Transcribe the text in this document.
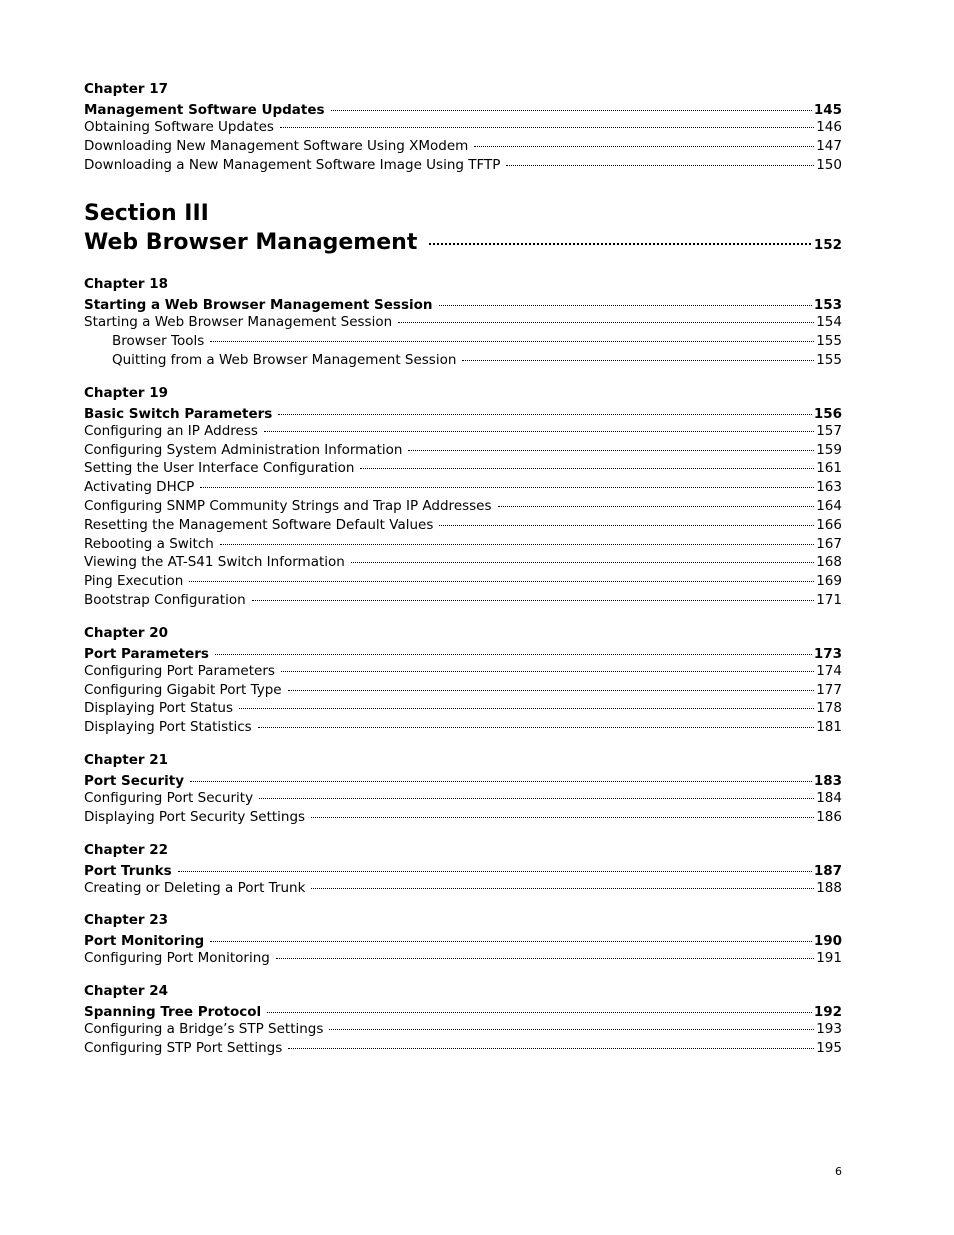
Chapter 17
Management Software Updates	145
Obtaining Software Updates	146
Downloading New Management Software Using XModem	147
Downloading a New Management Software Image Using TFTP	150
Section III
Web Browser Management	152
Chapter 18
Starting a Web Browser Management Session	153
Starting a Web Browser Management Session	154
Browser Tools	155
Quitting from a Web Browser Management Session	155
Chapter 19
Basic Switch Parameters	156
Configuring an IP Address	157
Configuring System Administration Information	159
Setting the User Interface Configuration	161
Activating DHCP	163
Configuring SNMP Community Strings and Trap IP Addresses	164
Resetting the Management Software Default Values	166
Rebooting a Switch	167
Viewing the AT-S41 Switch Information	168
Ping Execution	169
Bootstrap Configuration	171
Chapter 20
Port Parameters	173
Configuring Port Parameters	174
Configuring Gigabit Port Type	177
Displaying Port Status	178
Displaying Port Statistics	181
Chapter 21
Port Security	183
Configuring Port Security	184
Displaying Port Security Settings	186
Chapter 22
Port Trunks	187
Creating or Deleting a Port Trunk	188
Chapter 23
Port Monitoring	190
Configuring Port Monitoring	191
Chapter 24
Spanning Tree Protocol	192
Configuring a Bridge’s STP Settings	193
Configuring STP Port Settings	195
6
